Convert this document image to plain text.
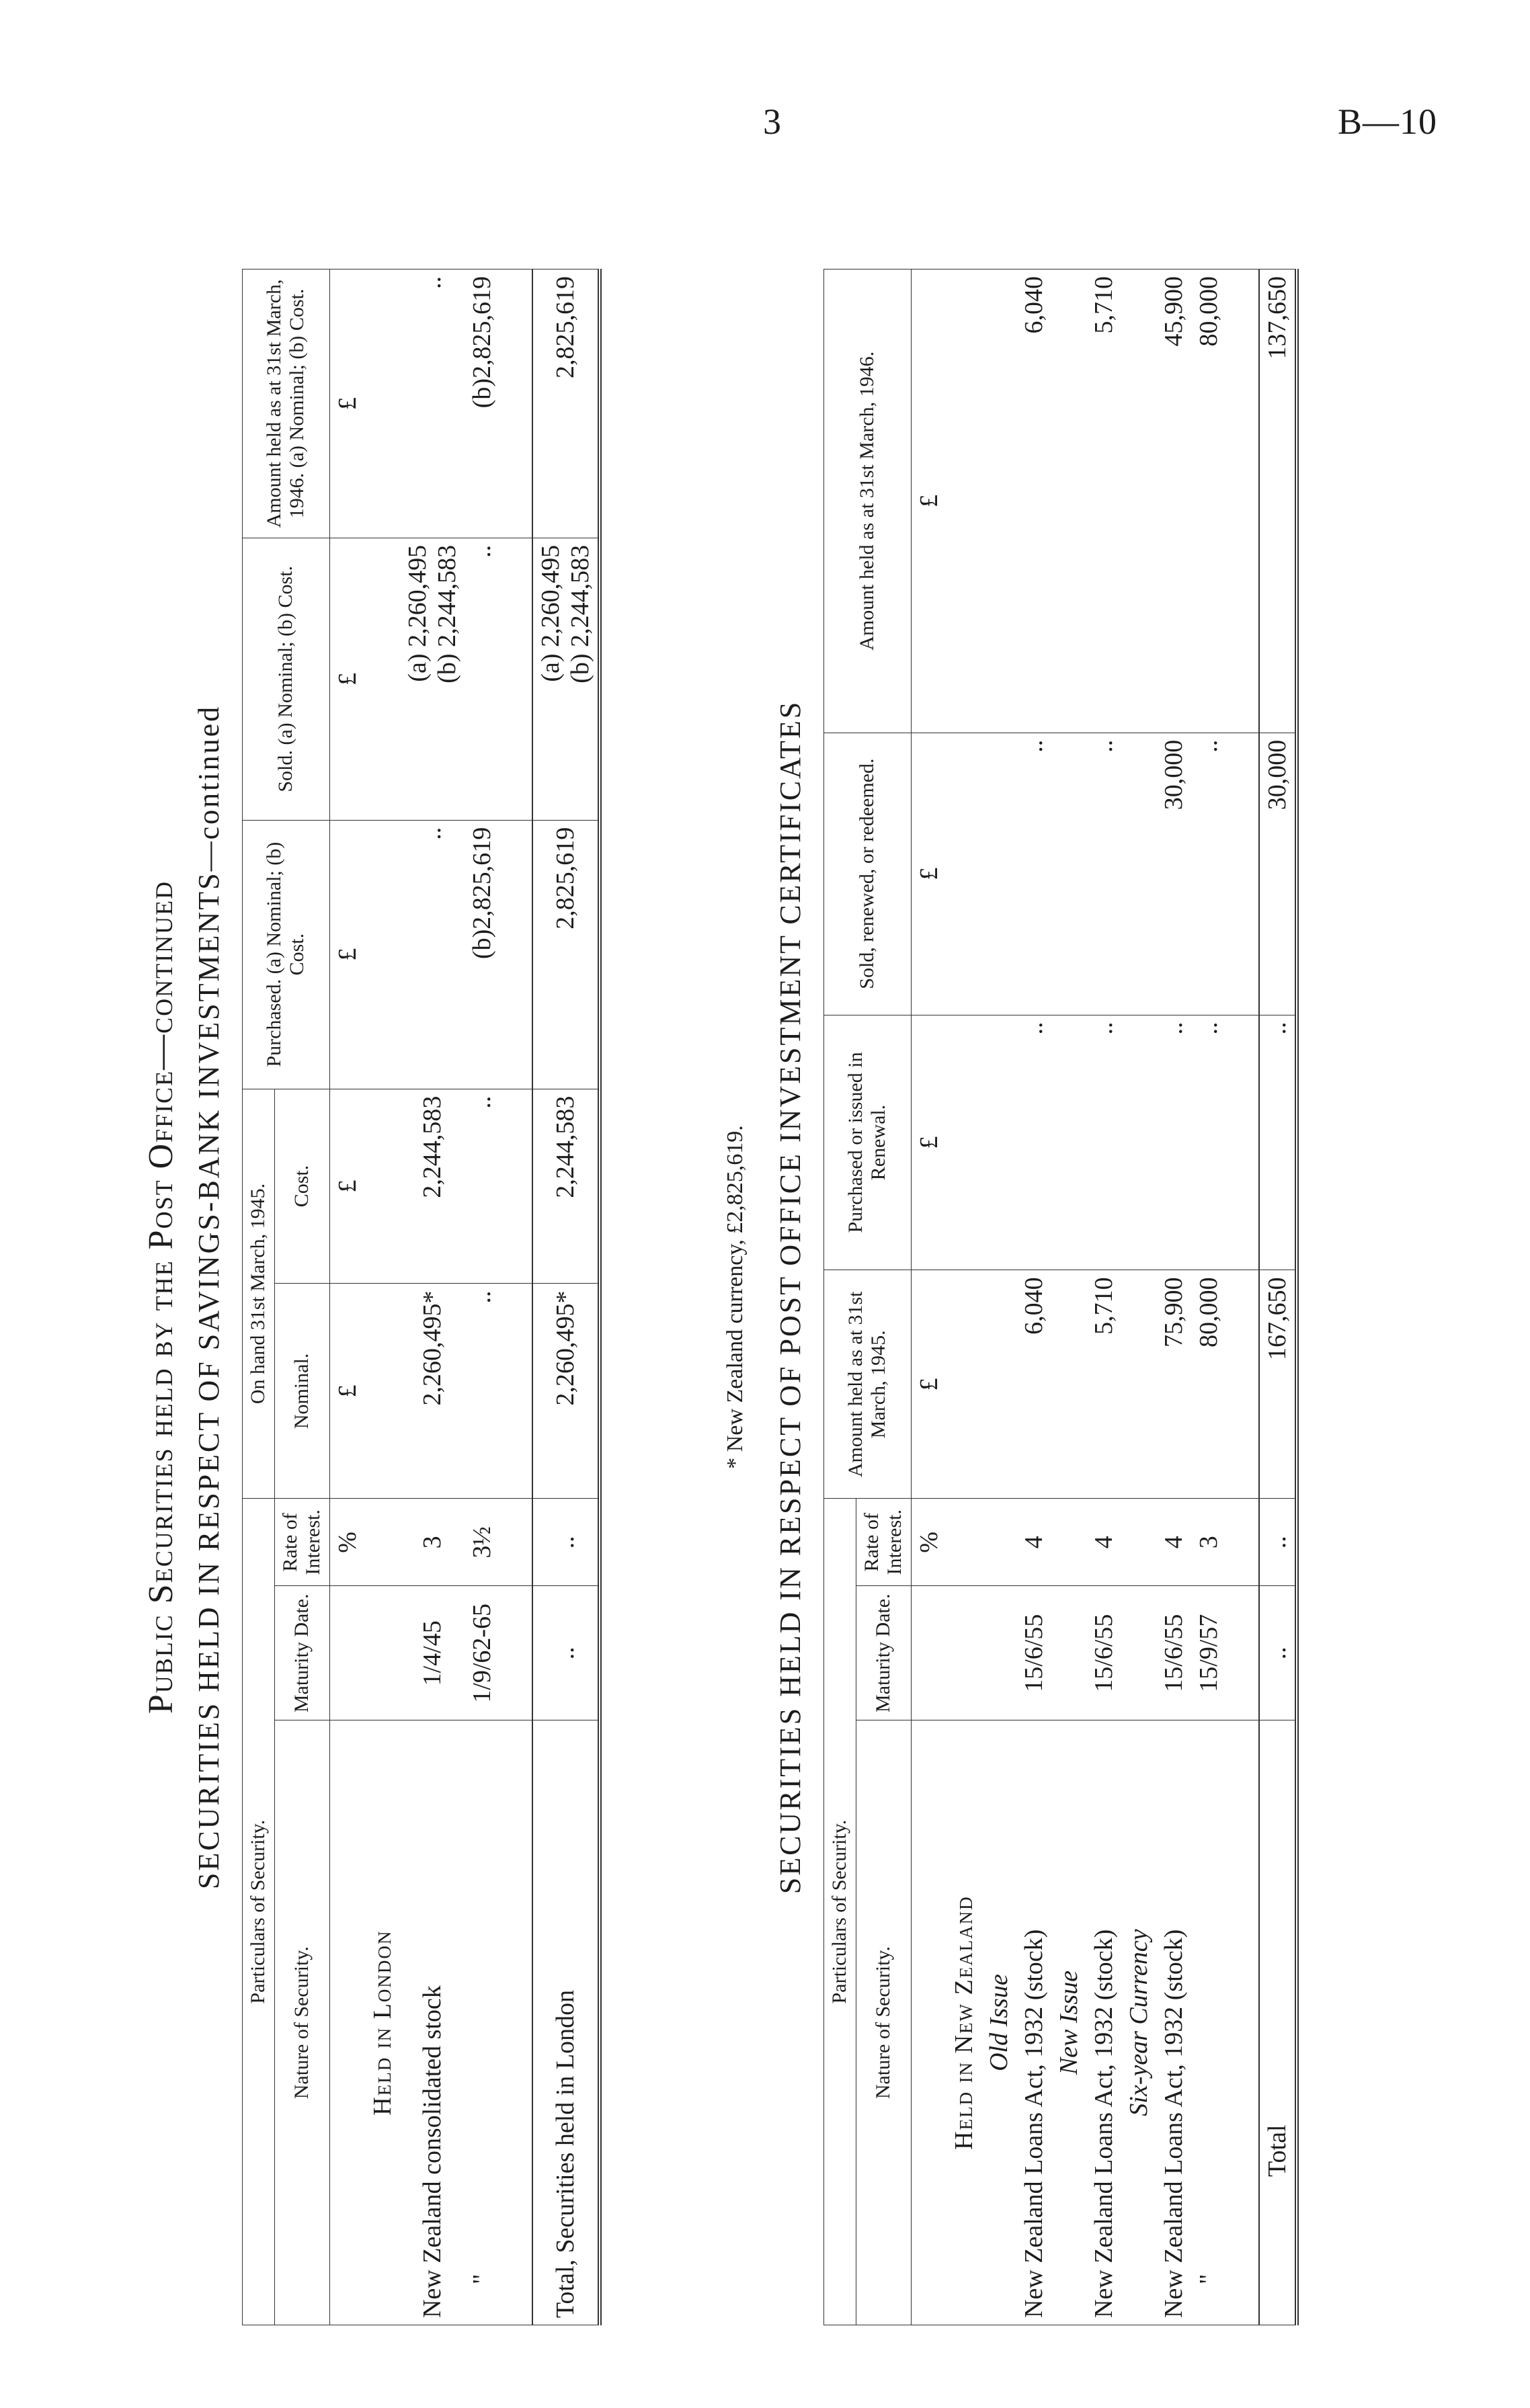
3	B—10
Public Securities held by the Post Office—continued SECURITIES HELD IN RESPECT OF SAVINGS-BANK INVESTMENTS—continued
Particulars of Security.			On hand 31st March, 1945.		Purchased. (a) Nominal; (b) Cost.	Sold. (a) Nominal; (b) Cost.	Amount held as at 31st March, 1946. (a) Nominal; (b) Cost.
Nature of Security.	Maturity Date.	Rate of Interest.	Nominal.	Cost.			
		%	£	£	£	£	£
Held in London							
New Zealand consolidated stock	1/4/45	3	2,260,495*	2,244,583	..	(a) 2,260,495 (b) 2,244,583	..
"	1/9/62-65	3½	..	..	(b)2,825,619	..	(b)2,825,619

Total, Securities held in London	..	..	2,260,495*	2,244,583	2,825,619	(a) 2,260,495 (b) 2,244,583	2,825,619
* New Zealand currency, £2,825,619. SECURITIES HELD IN RESPECT OF POST OFFICE INVESTMENT CERTIFICATES
Particulars of Security.			Amount held as at 31st March, 1945.	Purchased or issued in Renewal.	Sold, renewed, or redeemed.	Amount held as at 31st March, 1946.
Nature of Security.	Maturity Date.	Rate of Interest.				
		%	£	£	£	£
Held in New Zealand						
Old Issue						
New Zealand Loans Act, 1932 (stock)	15/6/55	4	6,040	..	..	6,040
New Issue						
New Zealand Loans Act, 1932 (stock)	15/6/55	4	5,710	..	..	5,710
Six-year Currency						
New Zealand Loans Act, 1932 (stock)	15/6/55	4	75,900	..	30,000	45,900
"	15/9/57	3	80,000	..	..	80,000

Total	..	..	167,650	..	30,000	137,650
